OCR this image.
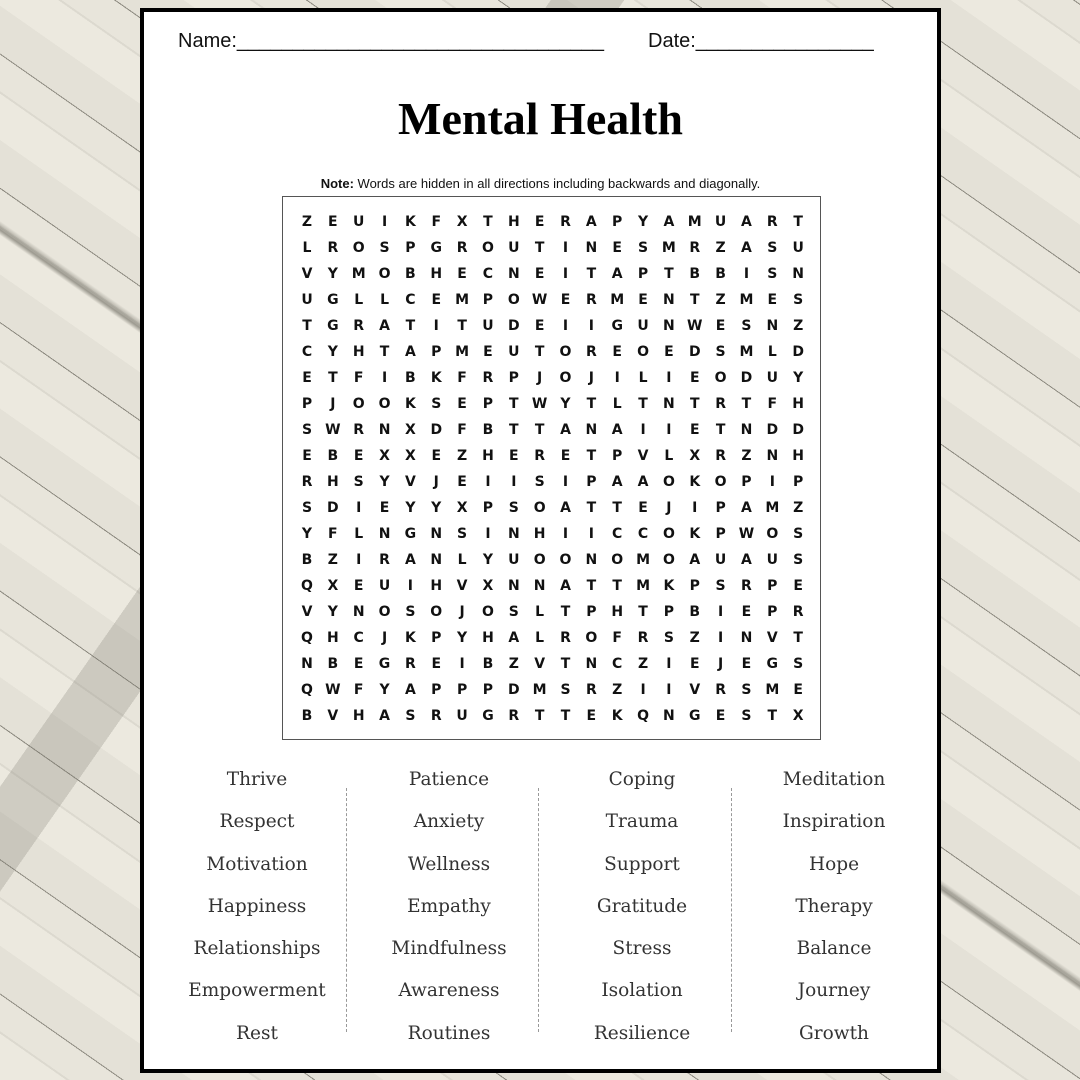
Name:_________________________________ Date:________________
Mental Health
Note: Words are hidden in all directions including backwards and diagonally.
Z	E	U	I	K	F	X	T	H	E	R	A	P	Y	A M U	A	R	T
L	R	O	S	P	G	R	O	U	T	I	N	E	S M R	Z	A	S	U
V	Y M O	B	H	E	C	N	E	I	T	A	P	T	B	B	I	S	N
U	G	L	L	C	E	M P	O W E	R M	E	N	T	Z M	E	S
T	G	R	A	T	I	T	U	D	E	I	I	G	U	N W E	S	N	Z
C	Y	H	T	A	P M	E	U	T	O	R	E	O	E	D	S M	L	D
E	T	F	I	B	K	F	R	P	J	O	J	I	L	I	E	O	D	U	Y
P	J	O O	K	S	E	P	T W Y	T	L	T	N	T	R	T	F	H
S W R	N	X	D	F	B	T	T	A	N	A	I	I	E	T	N	D	D
E	B	E	X	X	E	Z	H	E	R	E	T	P	V	L	X	R	Z	N	H
R	H	S	Y	V	J	E	I	I	S	I	P	A	A	O	K	O	P	I	P
S	D	I	E	Y	Y	X	P	S	O	A	T	T	E	J	I	P	A M Z
Y	F	L	N	G	N	S	I	N	H	I	I	C	C	O	K	P W O	S
B	Z	I	R	A	N	L	Y	U	O O	N	O M O	A	U	A	U	S
Q	X	E	U	I	H	V	X	N	N	A	T	T	M K	P	S	R	P	E
V	Y	N	O	S	O	J	O	S	L	T	P	H	T	P	B	I	E	P	R
Q	H	C	J	K	P	Y	H	A	L	R	O	F	R	S	Z	I	N	V	T
N	B	E	G	R	E	I	B	Z	V	T	N	C	Z	I	E	J	E	G	S
Q W F	Y	A	P	P	P	D M S	R	Z	I	I	V	R	S M	E
B	V	H	A	S	R	U	G	R	T	T	E	K	Q	N	G	E	S	T	X
Thrive
Respect
Motivation
Happiness
Relationships
Empowerment
Rest
Patience
Anxiety
Wellness
Empathy
Mindfulness
Awareness
Routines
Coping
Trauma
Support
Gratitude
Stress
Isolation
Resilience
Meditation
Inspiration
Hope
Therapy
Balance
Journey
Growth
